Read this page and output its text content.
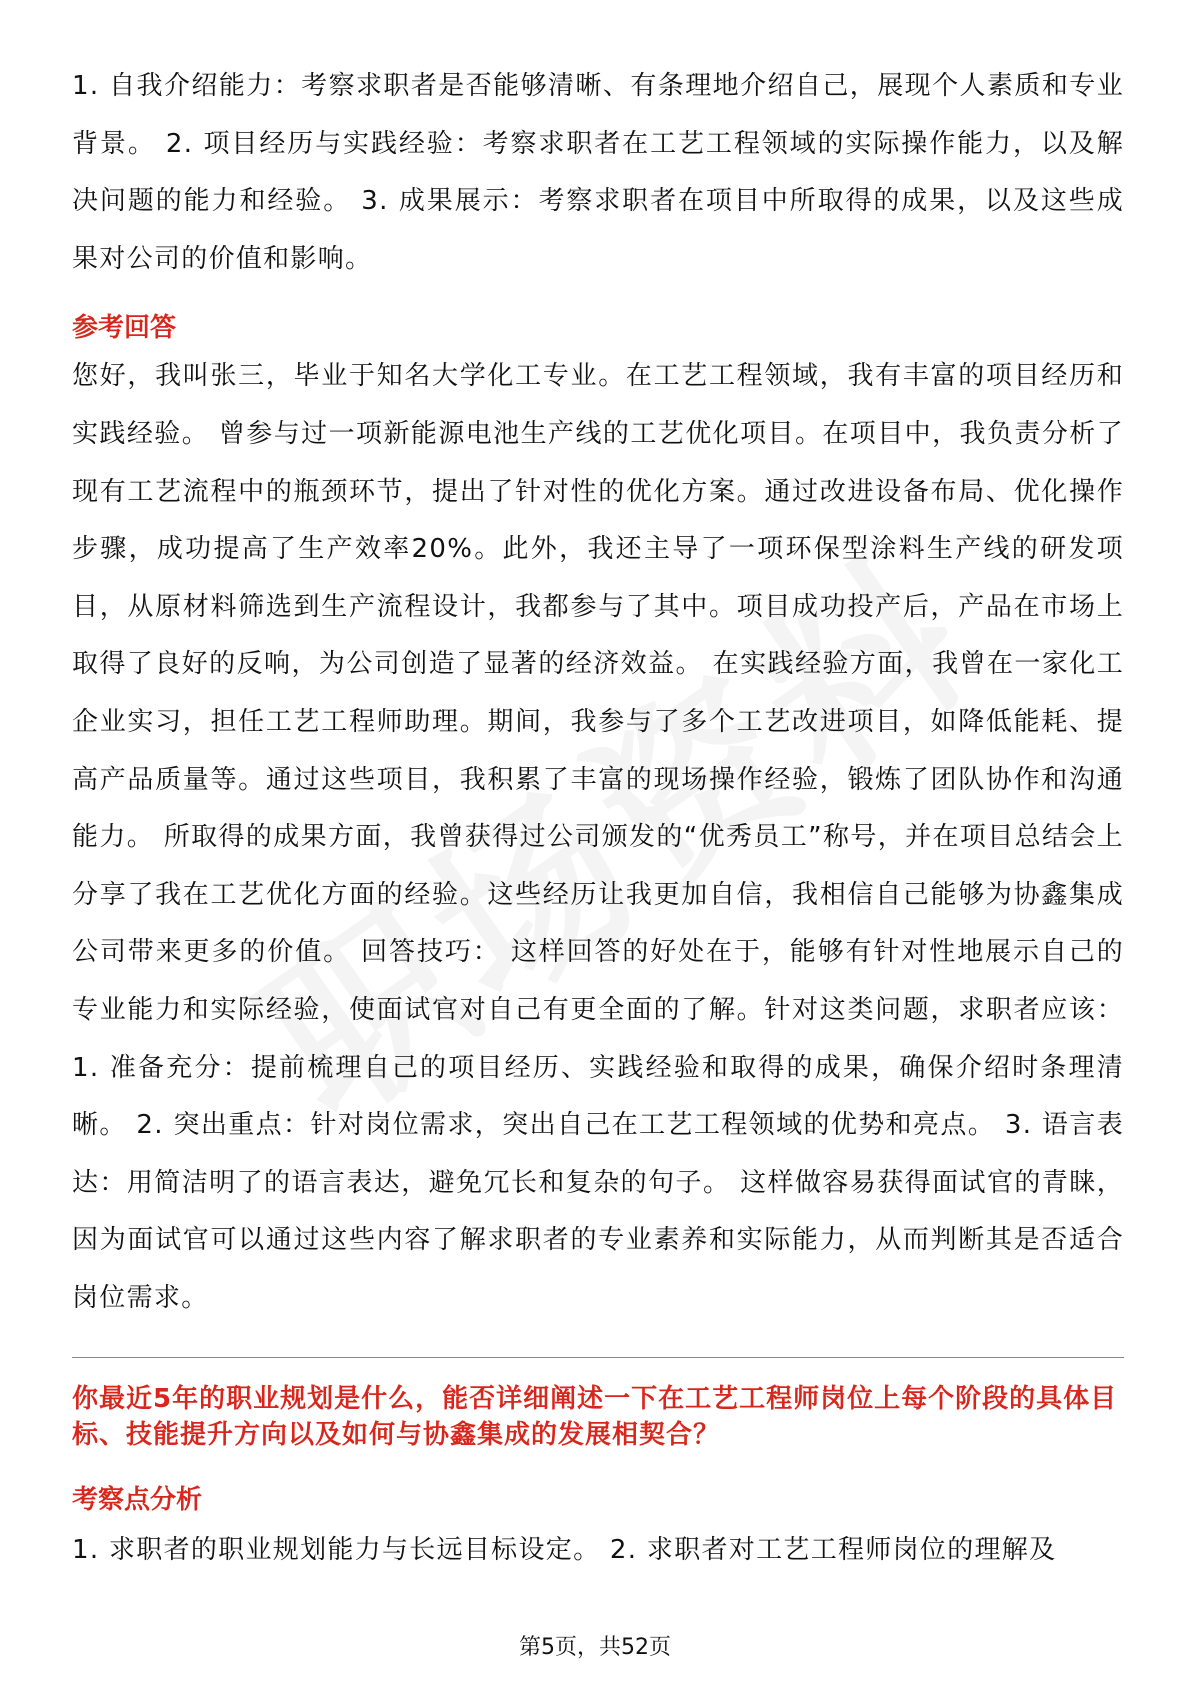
1. 自我介绍能力：考察求职者是否能够清晰、有条理地介绍自己，展现个人素质和专业背景。 2. 项目经历与实践经验：考察求职者在工艺工程领域的实际操作能力，以及解决问题的能力和经验。 3. 成果展示：考察求职者在项目中所取得的成果，以及这些成果对公司的价值和影响。

参考回答

您好，我叫张三，毕业于知名大学化工专业。在工艺工程领域，我有丰富的项目经历和实践经验。 曾参与过一项新能源电池生产线的工艺优化项目。在项目中，我负责分析了现有工艺流程中的瓶颈环节，提出了针对性的优化方案。通过改进设备布局、优化操作步骤，成功提高了生产效率20%。此外，我还主导了一项环保型涂料生产线的研发项目，从原材料筛选到生产流程设计，我都参与了其中。项目成功投产后，产品在市场上取得了良好的反响，为公司创造了显著的经济效益。 在实践经验方面，我曾在一家化工企业实习，担任工艺工程师助理。期间，我参与了多个工艺改进项目，如降低能耗、提高产品质量等。通过这些项目，我积累了丰富的现场操作经验，锻炼了团队协作和沟通能力。 所取得的成果方面，我曾获得过公司颁发的“优秀员工”称号，并在项目总结会上分享了我在工艺优化方面的经验。这些经历让我更加自信，我相信自己能够为协鑫集成公司带来更多的价值。 回答技巧： 这样回答的好处在于，能够有针对性地展示自己的专业能力和实际经验，使面试官对自己有更全面的了解。针对这类问题，求职者应该： 1. 准备充分：提前梳理自己的项目经历、实践经验和取得的成果，确保介绍时条理清晰。 2. 突出重点：针对岗位需求，突出自己在工艺工程领域的优势和亮点。 3. 语言表达：用简洁明了的语言表达，避免冗长和复杂的句子。 这样做容易获得面试官的青睐，因为面试官可以通过这些内容了解求职者的专业素养和实际能力，从而判断其是否适合岗位需求。

你最近5年的职业规划是什么，能否详细阐述一下在工艺工程师岗位上每个阶段的具体目标、技能提升方向以及如何与协鑫集成的发展相契合？
考察点分析

1. 求职者的职业规划能力与长远目标设定。 2. 求职者对工艺工程师岗位的理解及

第5页，共52页
